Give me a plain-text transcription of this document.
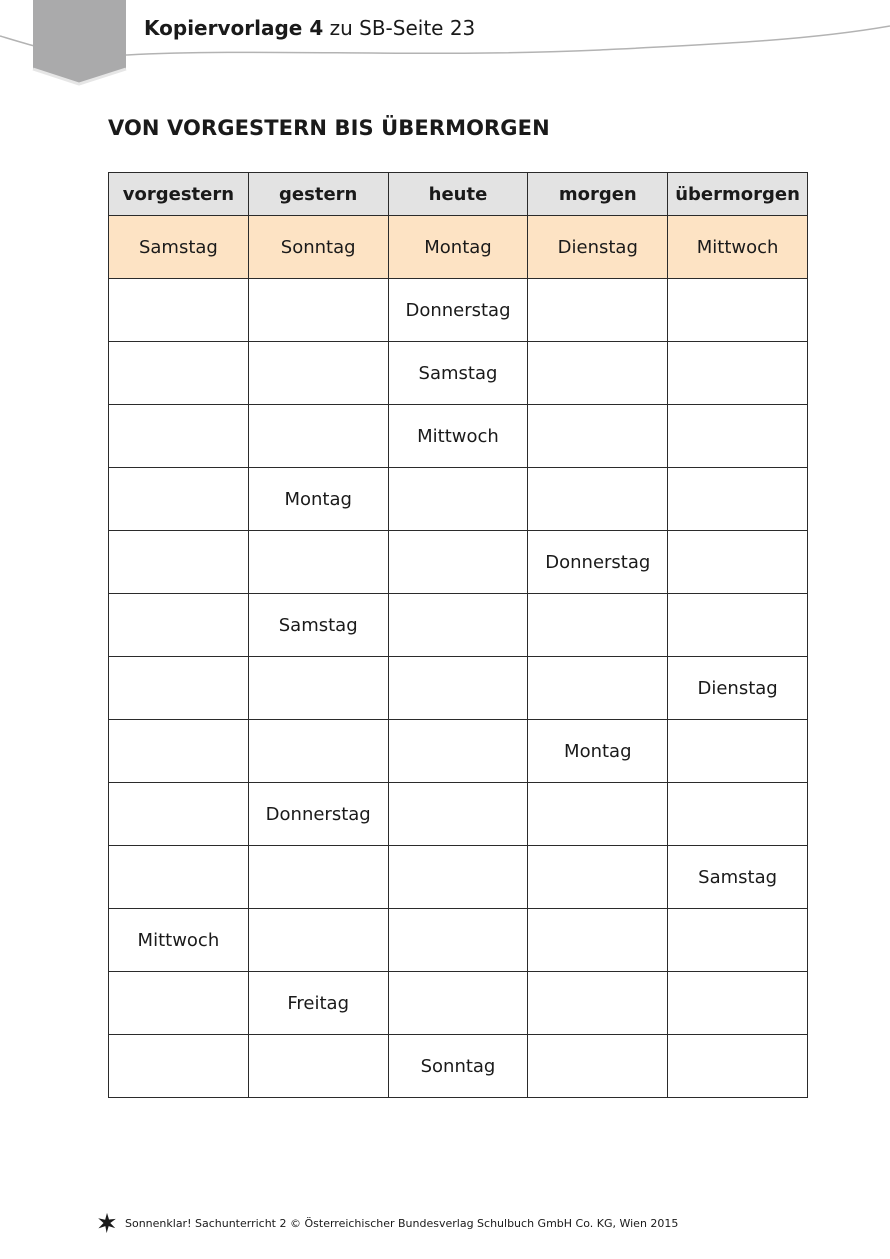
Kopiervorlage 4 zu SB-Seite 23
VON VORGESTERN BIS ÜBERMORGEN
vorgestern	gestern	heute	morgen	übermorgen
Samstag	Sonntag	Montag	Dienstag	Mittwoch
		Donnerstag		
		Samstag		
		Mittwoch		
	Montag			
			Donnerstag	
	Samstag			
				Dienstag
			Montag	
	Donnerstag			
				Samstag
Mittwoch				
	Freitag			
		Sonntag		
Sonnenklar! Sachunterricht 2 © Österreichischer Bundesverlag Schulbuch GmbH Co. KG, Wien 2015
